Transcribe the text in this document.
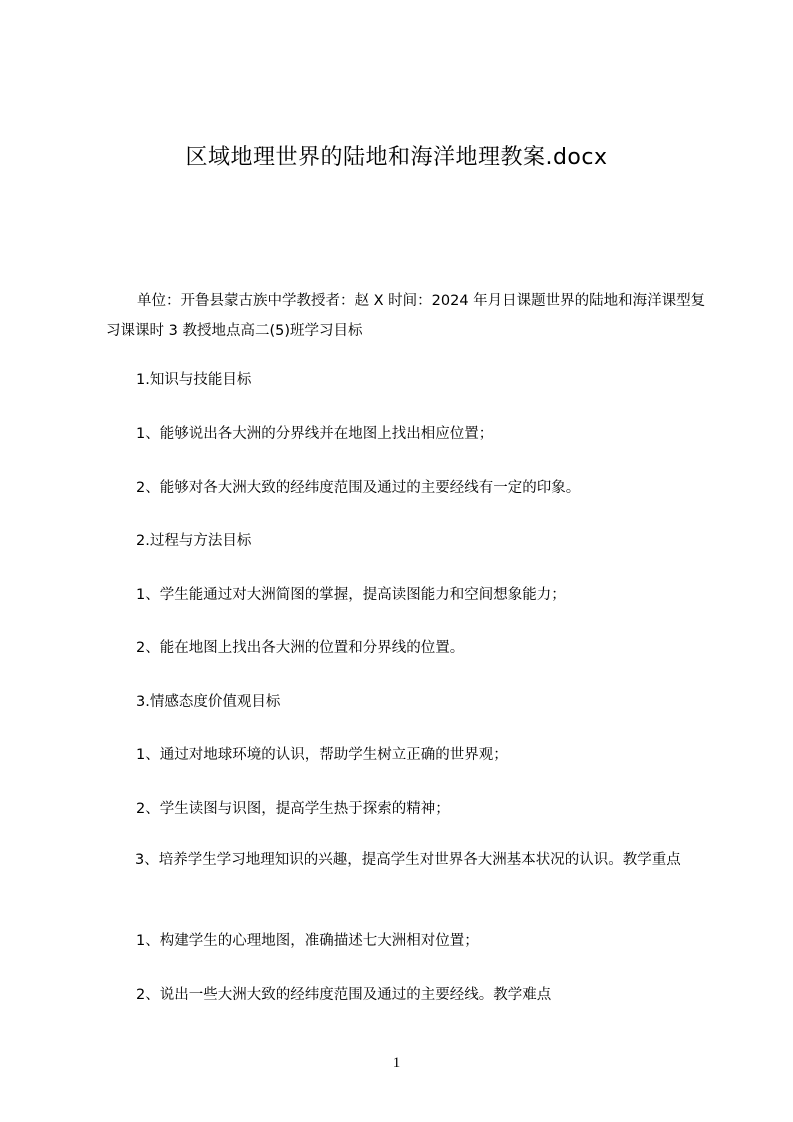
区域地理世界的陆地和海洋地理教案.docx

单位：开鲁县蒙古族中学教授者：赵 X 时间：2024 年月日课题世界的陆地和海洋课型复习课课时 3 教授地点高二(5)班学习目标

1.知识与技能目标

1、能够说出各大洲的分界线并在地图上找出相应位置；

2、能够对各大洲大致的经纬度范围及通过的主要经线有一定的印象。

2.过程与方法目标

1、学生能通过对大洲简图的掌握，提高读图能力和空间想象能力；

2、能在地图上找出各大洲的位置和分界线的位置。

3.情感态度价值观目标

1、通过对地球环境的认识，帮助学生树立正确的世界观；

2、学生读图与识图，提高学生热于探索的精神；

3、培养学生学习地理知识的兴趣，提高学生对世界各大洲基本状况的认识。教学重点

1、构建学生的心理地图，准确描述七大洲相对位置；

2、说出一些大洲大致的经纬度范围及通过的主要经线。教学难点

1
